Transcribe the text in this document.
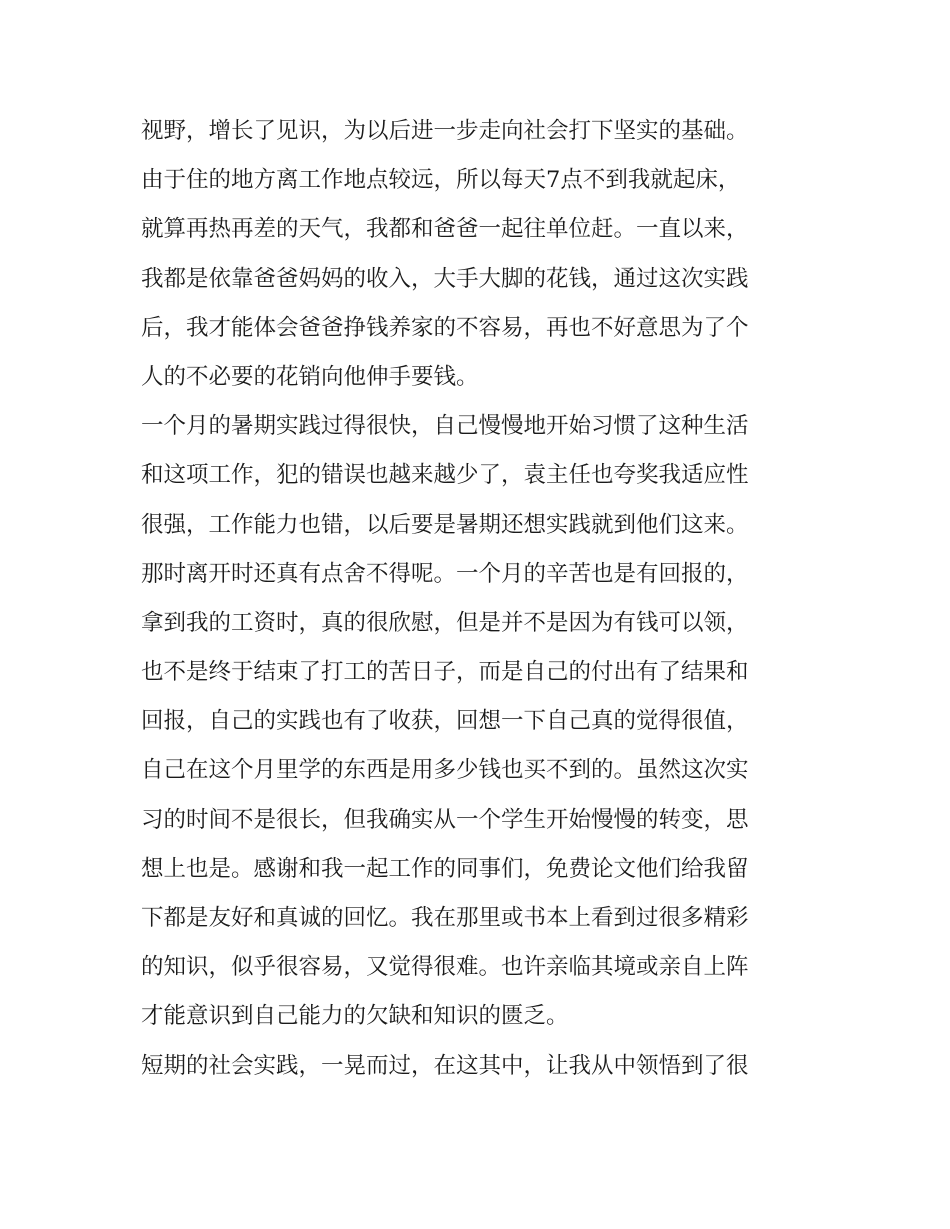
视野，增长了见识，为以后进一步走向社会打下坚实的基础。
由于住的地方离工作地点较远，所以每天7点不到我就起床，
就算再热再差的天气，我都和爸爸一起往单位赶。一直以来，
我都是依靠爸爸妈妈的收入，大手大脚的花钱，通过这次实践
后，我才能体会爸爸挣钱养家的不容易，再也不好意思为了个
人的不必要的花销向他伸手要钱。
一个月的暑期实践过得很快，自己慢慢地开始习惯了这种生活
和这项工作，犯的错误也越来越少了，袁主任也夸奖我适应性
很强，工作能力也错，以后要是暑期还想实践就到他们这来。
那时离开时还真有点舍不得呢。一个月的辛苦也是有回报的，
拿到我的工资时，真的很欣慰，但是并不是因为有钱可以领，
也不是终于结束了打工的苦日子，而是自己的付出有了结果和
回报，自己的实践也有了收获，回想一下自己真的觉得很值，
自己在这个月里学的东西是用多少钱也买不到的。虽然这次实
习的时间不是很长，但我确实从一个学生开始慢慢的转变，思
想上也是。感谢和我一起工作的同事们，免费论文他们给我留
下都是友好和真诚的回忆。我在那里或书本上看到过很多精彩
的知识，似乎很容易，又觉得很难。也许亲临其境或亲自上阵
才能意识到自己能力的欠缺和知识的匮乏。
短期的社会实践，一晃而过，在这其中，让我从中领悟到了很
